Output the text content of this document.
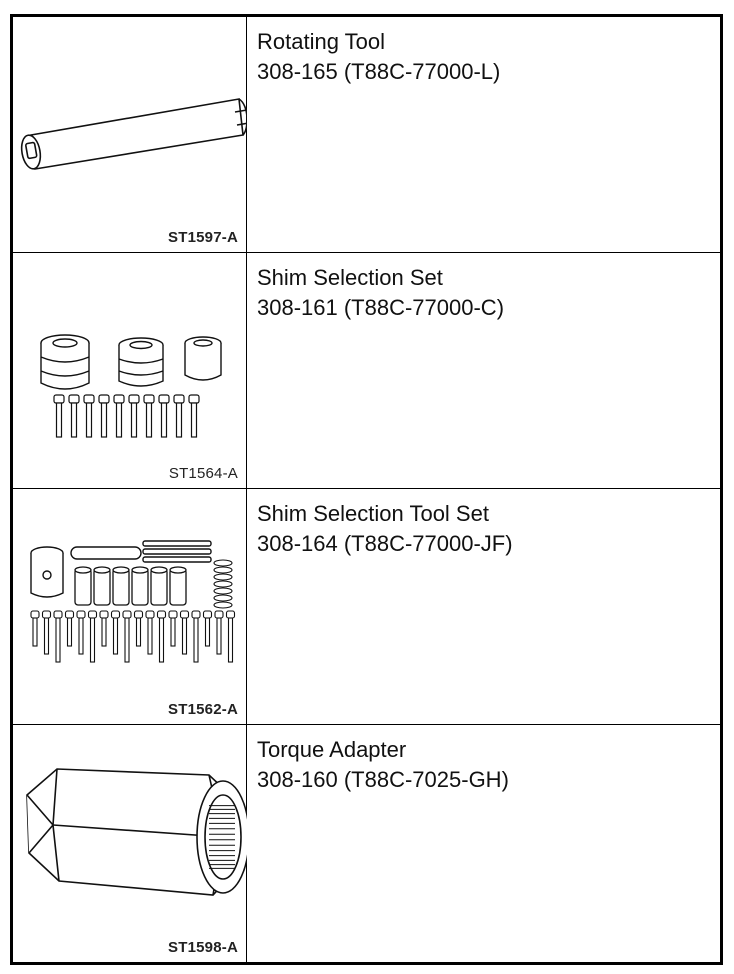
ST1597-A
Rotating Tool
308-165 (T88C-77000-L)
ST1564-A
Shim Selection Set
308-161 (T88C-77000-C)
ST1562-A
Shim Selection Tool Set
308-164 (T88C-77000-JF)
ST1598-A
Torque Adapter
308-160 (T88C-7025-GH)
